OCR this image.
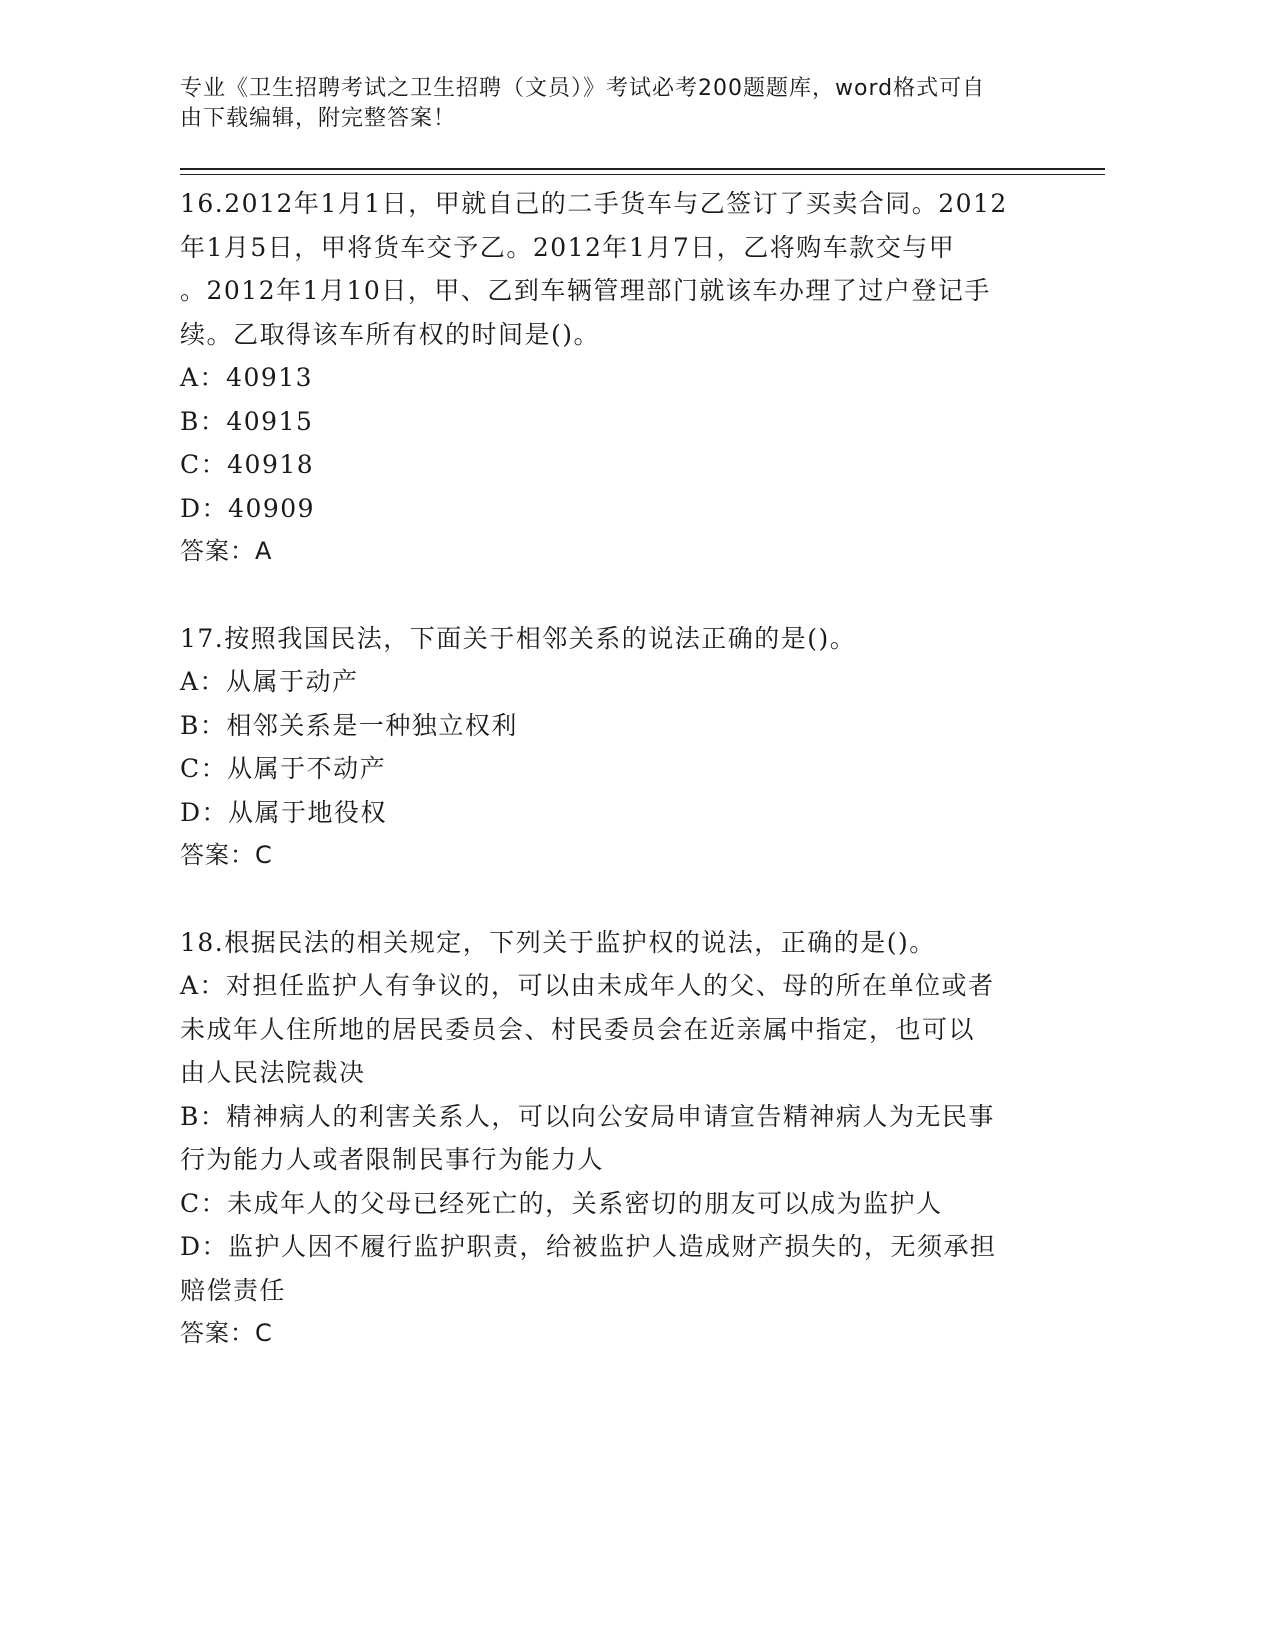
专业《卫生招聘考试之卫生招聘（文员）》考试必考200题题库，word格式可自
由下载编辑，附完整答案！
16.2012年1月1日，甲就自己的二手货车与乙签订了买卖合同。2012
年1月5日，甲将货车交予乙。2012年1月7日，乙将购车款交与甲
。2012年1月10日，甲、乙到车辆管理部门就该车办理了过户登记手
续。乙取得该车所有权的时间是()。
A：40913
B：40915
C：40918
D：40909
答案：A
17.按照我国民法，下面关于相邻关系的说法正确的是()。
A：从属于动产
B：相邻关系是一种独立权利
C：从属于不动产
D：从属于地役权
答案：C
18.根据民法的相关规定，下列关于监护权的说法，正确的是()。
A：对担任监护人有争议的，可以由未成年人的父、母的所在单位或者
未成年人住所地的居民委员会、村民委员会在近亲属中指定，也可以
由人民法院裁决
B：精神病人的利害关系人，可以向公安局申请宣告精神病人为无民事
行为能力人或者限制民事行为能力人
C：未成年人的父母已经死亡的，关系密切的朋友可以成为监护人
D：监护人因不履行监护职责，给被监护人造成财产损失的，无须承担
赔偿责任
答案：C
